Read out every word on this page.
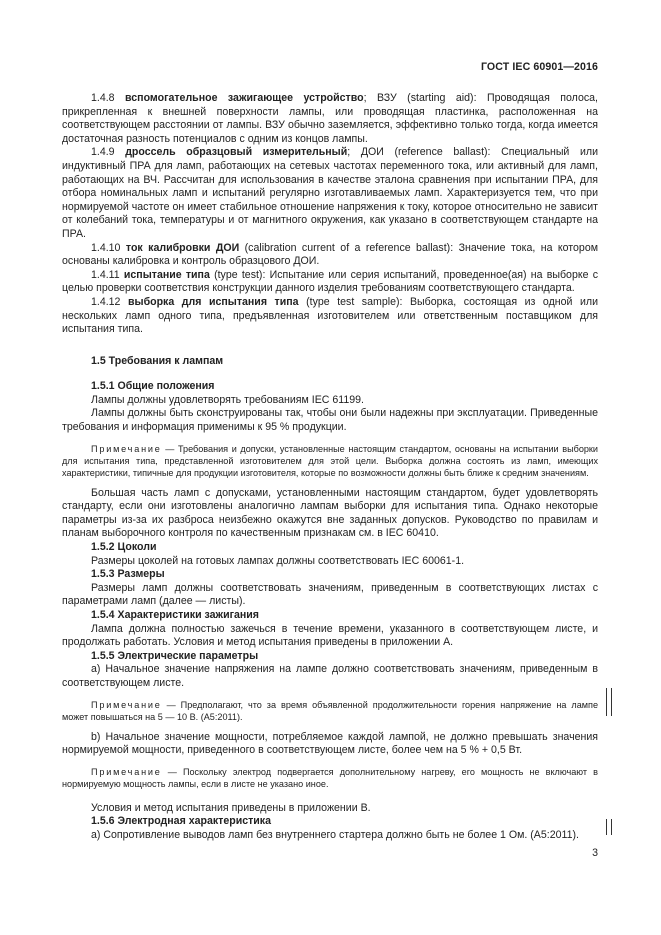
ГОСТ IEC 60901—2016

1.4.8 вспомогательное зажигающее устройство; ВЗУ (starting aid): Проводящая полоса, прикрепленная к внешней поверхности лампы, или проводящая пластинка, расположенная на соответствующем расстоянии от лампы. ВЗУ обычно заземляется, эффективно только тогда, когда имеется достаточная разность потенциалов с одним из концов лампы.

1.4.9 дроссель образцовый измерительный; ДОИ (reference ballast): Специальный или индуктивный ПРА для ламп, работающих на сетевых частотах переменного тока, или активный для ламп, работающих на ВЧ. Рассчитан для использования в качестве эталона сравнения при испытании ПРА, для отбора номинальных ламп и испытаний регулярно изготавливаемых ламп. Характеризуется тем, что при нормируемой частоте он имеет стабильное отношение напряжения к току, которое относительно не зависит от колебаний тока, температуры и от магнитного окружения, как указано в соответствующем стандарте на ПРА.

1.4.10 ток калибровки ДОИ (calibration current of a reference ballast): Значение тока, на котором основаны калибровка и контроль образцового ДОИ.

1.4.11 испытание типа (type test): Испытание или серия испытаний, проведенное(ая) на выборке с целью проверки соответствия конструкции данного изделия требованиям соответствующего стандарта.

1.4.12 выборка для испытания типа (type test sample): Выборка, состоящая из одной или нескольких ламп одного типа, предъявленная изготовителем или ответственным поставщиком для испытания типа.

1.5 Требования к лампам
1.5.1 Общие положения

Лампы должны удовлетворять требованиям IEC 61199.

Лампы должны быть сконструированы так, чтобы они были надежны при эксплуатации. Приведенные требования и информация применимы к 95 % продукции.

Примечание — Требования и допуски, установленные настоящим стандартом, основаны на испытании выборки для испытания типа, представленной изготовителем для этой цели. Выборка должна состоять из ламп, имеющих характеристики, типичные для продукции изготовителя, которые по возможности должны быть ближе к средним значениям.

Большая часть ламп с допусками, установленными настоящим стандартом, будет удовлетворять стандарту, если они изготовлены аналогично лампам выборки для испытания типа. Однако некоторые параметры из-за их разброса неизбежно окажутся вне заданных допусков. Руководство по правилам и планам выборочного контроля по качественным признакам см. в IEC 60410.

1.5.2 Цоколи

Размеры цоколей на готовых лампах должны соответствовать IEC 60061-1.

1.5.3 Размеры

Размеры ламп должны соответствовать значениям, приведенным в соответствующих листах с параметрами ламп (далее — листы).

1.5.4 Характеристики зажигания

Лампа должна полностью зажечься в течение времени, указанного в соответствующем листе, и продолжать работать. Условия и метод испытания приведены в приложении А.

1.5.5 Электрические параметры

а) Начальное значение напряжения на лампе должно соответствовать значениям, приведенным в соответствующем листе.

Примечание — Предполагают, что за время объявленной продолжительности горения напряжение на лампе может повышаться на 5 — 10 В. (А5:2011).

b) Начальное значение мощности, потребляемое каждой лампой, не должно превышать значения нормируемой мощности, приведенного в соответствующем листе, более чем на 5 % + 0,5 Вт.

Примечание — Поскольку электрод подвергается дополнительному нагреву, его мощность не включают в нормируемую мощность лампы, если в листе не указано иное.

Условия и метод испытания приведены в приложении В.

1.5.6 Электродная характеристика

а) Сопротивление выводов ламп без внутреннего стартера должно быть не более 1 Ом. (А5:2011).

3
